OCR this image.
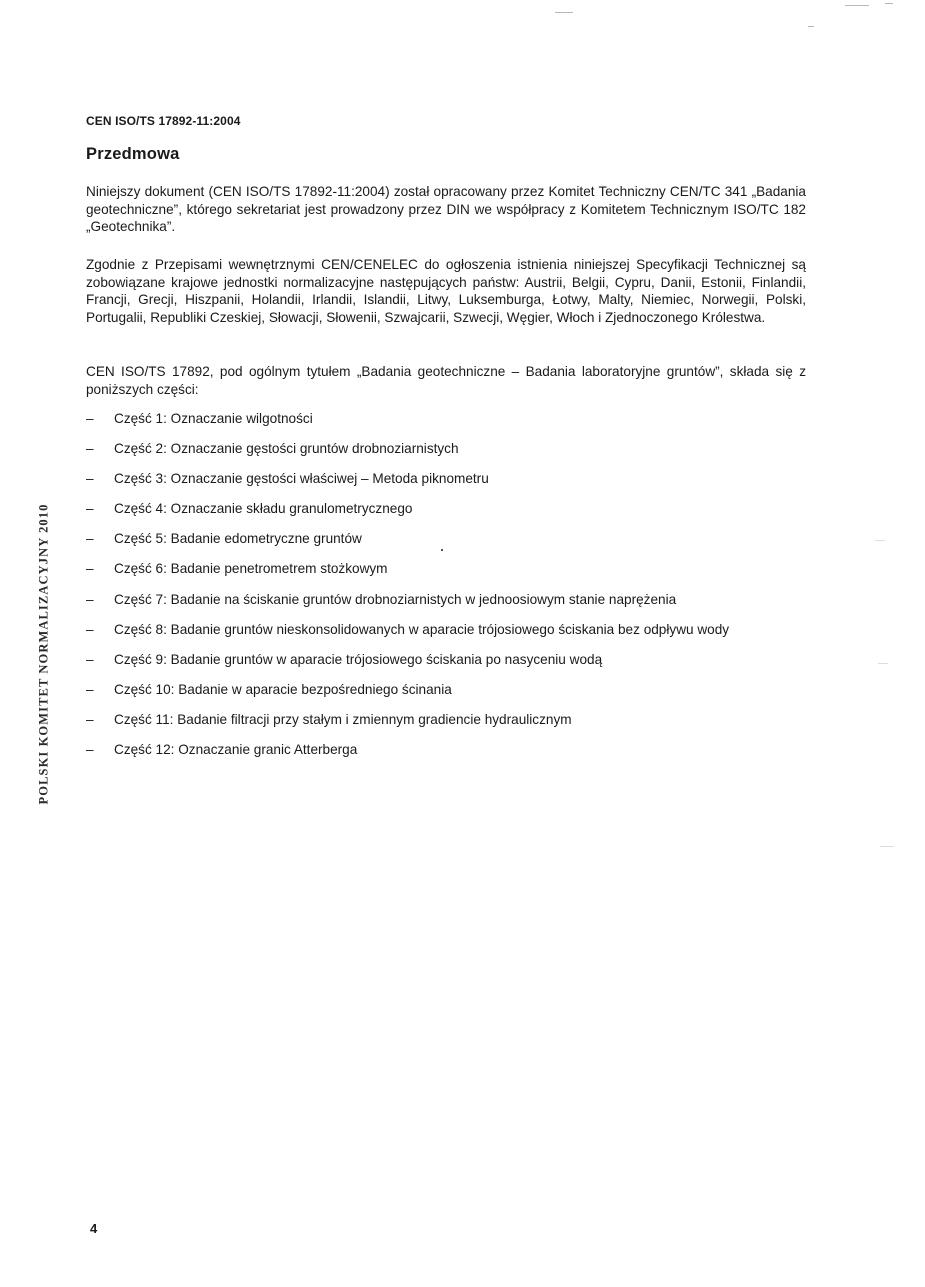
CEN ISO/TS 17892-11:2004
Przedmowa

Niniejszy dokument (CEN ISO/TS 17892-11:2004) został opracowany przez Komitet Techniczny CEN/TC 341 „Badania geotechniczne”, którego sekretariat jest prowadzony przez DIN we współpracy z Komitetem Technicznym ISO/TC 182 „Geotechnika”.

Zgodnie z Przepisami wewnętrznymi CEN/CENELEC do ogłoszenia istnienia niniejszej Specyfikacji Technicznej są zobowiązane krajowe jednostki normalizacyjne następujących państw: Austrii, Belgii, Cypru, Danii, Estonii, Finlandii, Francji, Grecji, Hiszpanii, Holandii, Irlandii, Islandii, Litwy, Luksemburga, Łotwy, Malty, Niemiec, Norwegii, Polski, Portugalii, Republiki Czeskiej, Słowacji, Słowenii, Szwajcarii, Szwecji, Węgier, Włoch i Zjednoczonego Królestwa.

CEN ISO/TS 17892, pod ogólnym tytułem „Badania geotechniczne – Badania laboratoryjne gruntów”, składa się z poniższych części:

– Część 1: Oznaczanie wilgotności
– Część 2: Oznaczanie gęstości gruntów drobnoziarnistych
– Część 3: Oznaczanie gęstości właściwej – Metoda piknometru
– Część 4: Oznaczanie składu granulometrycznego
– Część 5: Badanie edometryczne gruntów
– Część 6: Badanie penetrometrem stożkowym
– Część 7: Badanie na ściskanie gruntów drobnoziarnistych w jednoosiowym stanie naprężenia
– Część 8: Badanie gruntów nieskonsolidowanych w aparacie trójosiowego ściskania bez odpływu wody
– Część 9: Badanie gruntów w aparacie trójosiowego ściskania po nasyceniu wodą
– Część 10: Badanie w aparacie bezpośredniego ścinania
– Część 11: Badanie filtracji przy stałym i zmiennym gradiencie hydraulicznym
– Część 12: Oznaczanie granic Atterberga
POLSKI KOMITET NORMALIZACYJNY 2010
4
